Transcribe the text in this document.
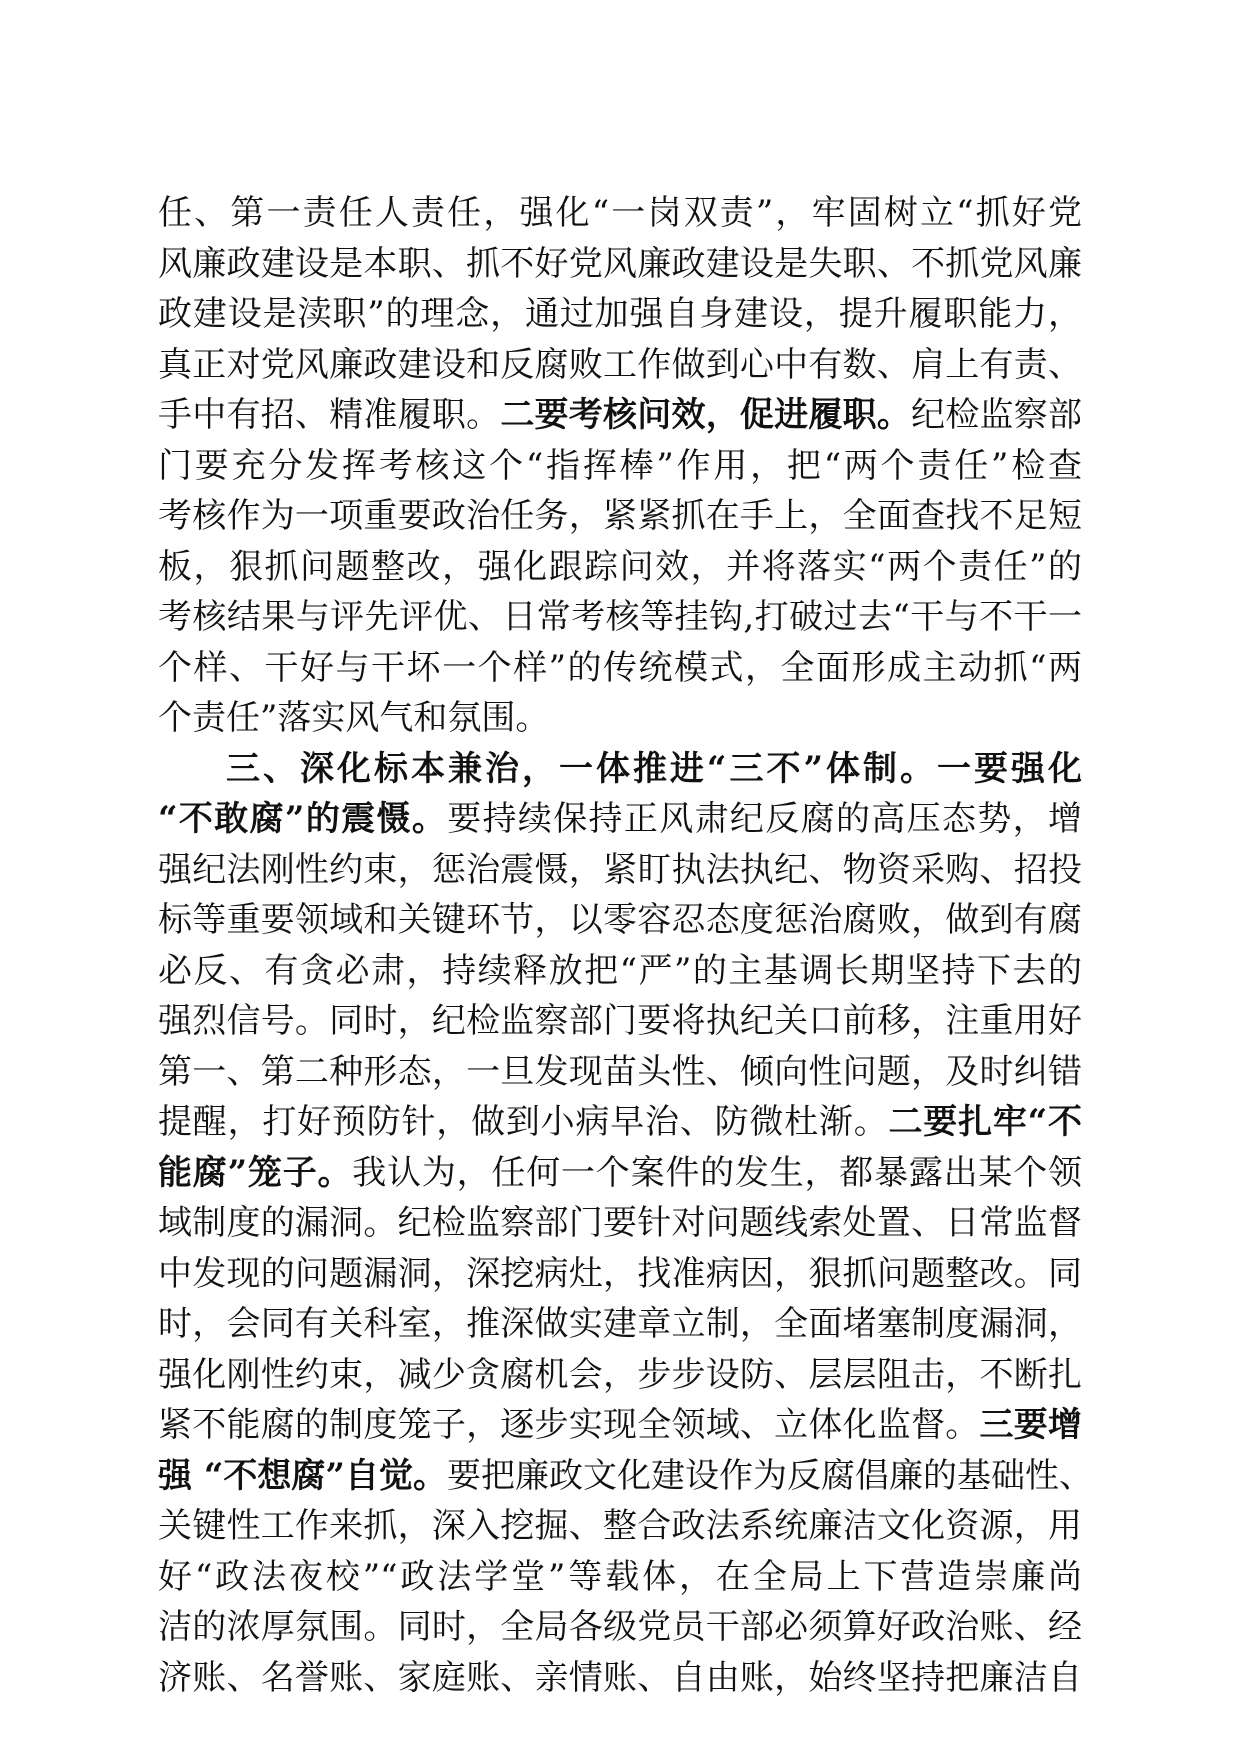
任、第一责任人责任，强化“一岗双责”，牢固树立“抓好党
风廉政建设是本职、抓不好党风廉政建设是失职、不抓党风廉
政建设是渎职”的理念，通过加强自身建设，提升履职能力，
真正对党风廉政建设和反腐败工作做到心中有数、肩上有责、
手中有招、精准履职。二要考核问效，促进履职。纪检监察部
门要充分发挥考核这个“指挥棒”作用，把“两个责任”检查
考核作为一项重要政治任务，紧紧抓在手上，全面查找不足短
板，狠抓问题整改，强化跟踪问效，并将落实“两个责任”的
考核结果与评先评优、日常考核等挂钩,打破过去“干与不干一
个样、干好与干坏一个样”的传统模式，全面形成主动抓“两
个责任”落实风气和氛围。
三、深化标本兼治，一体推进“三不”体制。一要强化
“不敢腐”的震慑。要持续保持正风肃纪反腐的高压态势，增
强纪法刚性约束，惩治震慑，紧盯执法执纪、物资采购、招投
标等重要领域和关键环节，以零容忍态度惩治腐败，做到有腐
必反、有贪必肃，持续释放把“严”的主基调长期坚持下去的
强烈信号。同时，纪检监察部门要将执纪关口前移，注重用好
第一、第二种形态，一旦发现苗头性、倾向性问题，及时纠错
提醒，打好预防针，做到小病早治、防微杜渐。二要扎牢“不
能腐”笼子。我认为，任何一个案件的发生，都暴露出某个领
域制度的漏洞。纪检监察部门要针对问题线索处置、日常监督
中发现的问题漏洞，深挖病灶，找准病因，狠抓问题整改。同
时，会同有关科室，推深做实建章立制，全面堵塞制度漏洞，
强化刚性约束，减少贪腐机会，步步设防、层层阻击，不断扎
紧不能腐的制度笼子，逐步实现全领域、立体化监督。三要增
强 “不想腐”自觉。要把廉政文化建设作为反腐倡廉的基础性、
关键性工作来抓，深入挖掘、整合政法系统廉洁文化资源，用
好“政法夜校”“政法学堂”等载体，在全局上下营造崇廉尚
洁的浓厚氛围。同时，全局各级党员干部必须算好政治账、经
济账、名誉账、家庭账、亲情账、自由账，始终坚持把廉洁自
